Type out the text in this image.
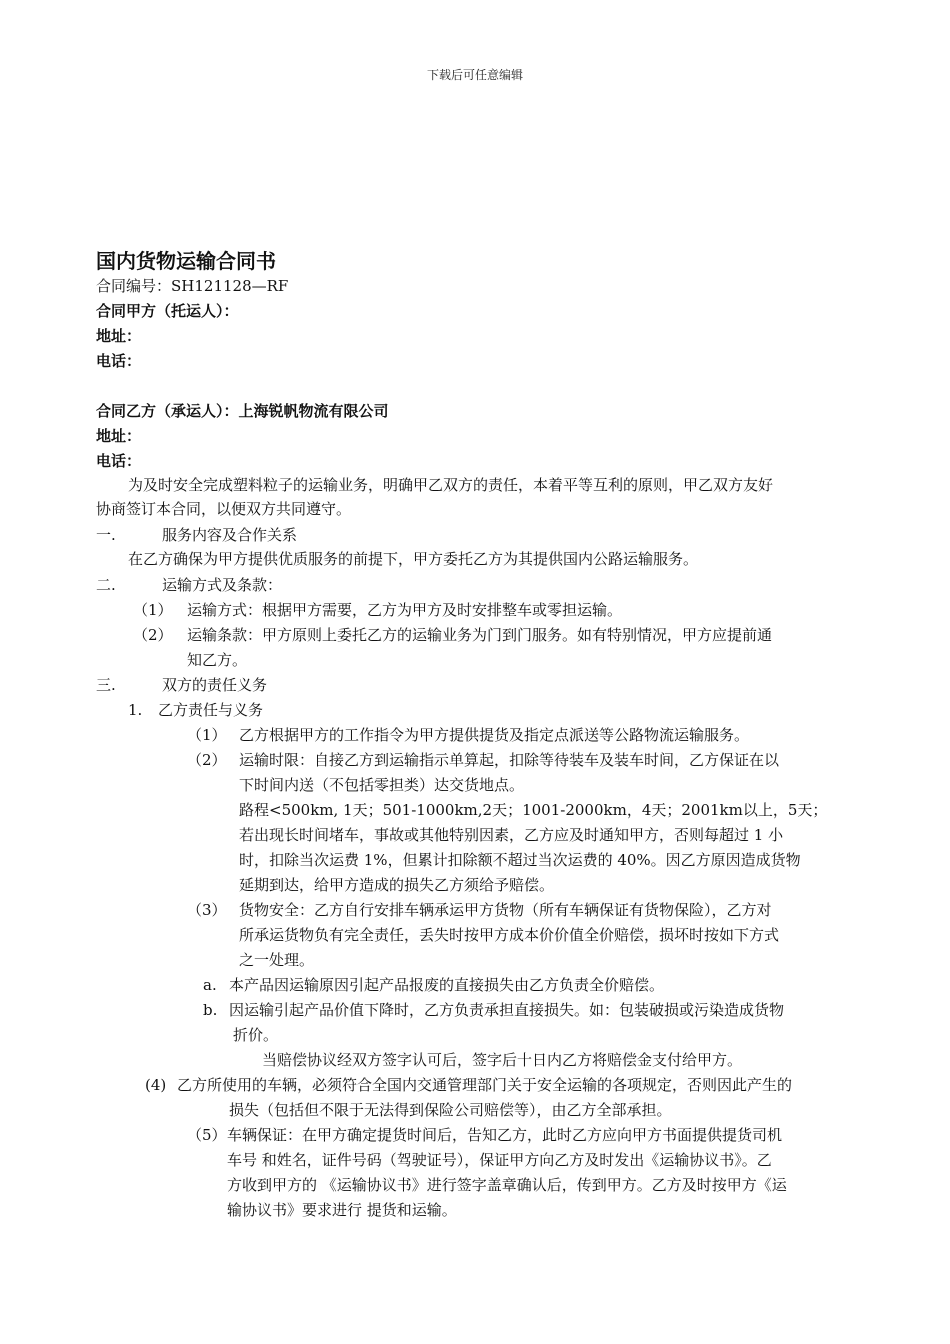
下载后可任意编辑
国内货物运输合同书
合同编号：SH121128—RF
合同甲方（托运人）：
地址：
电话：
合同乙方（承运人）：上海锐帆物流有限公司
地址：
电话：
为及时安全完成塑料粒子的运输业务，明确甲乙双方的责任，本着平等互利的原则，甲乙双方友好
协商签订本合同，以便双方共同遵守。
一.	服务内容及合作关系
在乙方确保为甲方提供优质服务的前提下，甲方委托乙方为其提供国内公路运输服务。
二.	运输方式及条款：
（1） 运输方式：根据甲方需要，乙方为甲方及时安排整车或零担运输。
（2） 运输条款：甲方原则上委托乙方的运输业务为门到门服务。如有特别情况，甲方应提前通
知乙方。
三.	双方的责任义务
1. 乙方责任与义务
（1） 乙方根据甲方的工作指令为甲方提供提货及指定点派送等公路物流运输服务。
（2） 运输时限：自接乙方到运输指示单算起，扣除等待装车及装车时间，乙方保证在以
下时间内送（不包括零担类）达交货地点。
路程<500km, 1天；501-1000km,2天；1001-2000km，4天；2001km以上，5天；
若出现长时间堵车，事故或其他特别因素，乙方应及时通知甲方，否则每超过 1 小
时，扣除当次运费 1%，但累计扣除额不超过当次运费的 40%。因乙方原因造成货物
延期到达，给甲方造成的损失乙方须给予赔偿。
（3） 货物安全：乙方自行安排车辆承运甲方货物（所有车辆保证有货物保险），乙方对
所承运货物负有完全责任，丢失时按甲方成本价价值全价赔偿，损坏时按如下方式
之一处理。
a. 本产品因运输原因引起产品报废的直接损失由乙方负责全价赔偿。
b. 因运输引起产品价值下降时，乙方负责承担直接损失。如：包装破损或污染造成货物
折价。
当赔偿协议经双方签字认可后，签字后十日内乙方将赔偿金支付给甲方。
(4) 乙方所使用的车辆，必须符合全国内交通管理部门关于安全运输的各项规定，否则因此产生的
损失（包括但不限于无法得到保险公司赔偿等），由乙方全部承担。
（5） 车辆保证：在甲方确定提货时间后，告知乙方，此时乙方应向甲方书面提供提货司机
车号 和姓名，证件号码（驾驶证号），保证甲方向乙方及时发出《运输协议书》。乙
方收到甲方的 《运输协议书》进行签字盖章确认后，传到甲方。乙方及时按甲方《运
输协议书》要求进行 提货和运输。
